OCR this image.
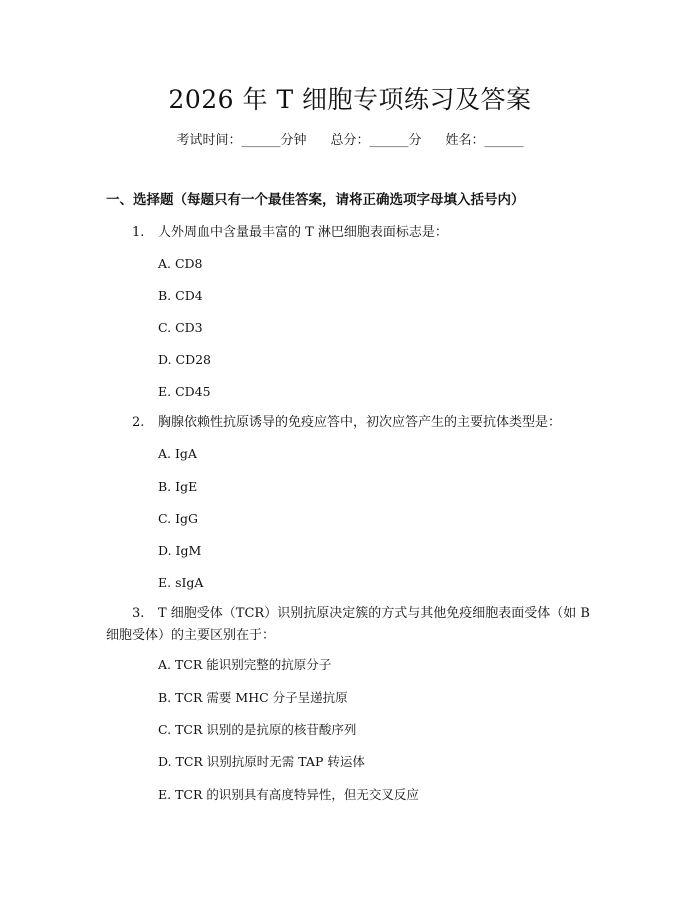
2026 年 T 细胞专项练习及答案
考试时间：______分钟 总分：______分 姓名：______
一、选择题（每题只有一个最佳答案，请将正确选项字母填入括号内）
1. 人外周血中含量最丰富的 T 淋巴细胞表面标志是：
A. CD8
B. CD4
C. CD3
D. CD28
E. CD45
2. 胸腺依赖性抗原诱导的免疫应答中，初次应答产生的主要抗体类型是：
A. IgA
B. IgE
C. IgG
D. IgM
E. sIgA
3. T 细胞受体（TCR）识别抗原决定簇的方式与其他免疫细胞表面受体（如 B 细胞受体）的主要区别在于：
A. TCR 能识别完整的抗原分子
B. TCR 需要 MHC 分子呈递抗原
C. TCR 识别的是抗原的核苷酸序列
D. TCR 识别抗原时无需 TAP 转运体
E. TCR 的识别具有高度特异性，但无交叉反应
